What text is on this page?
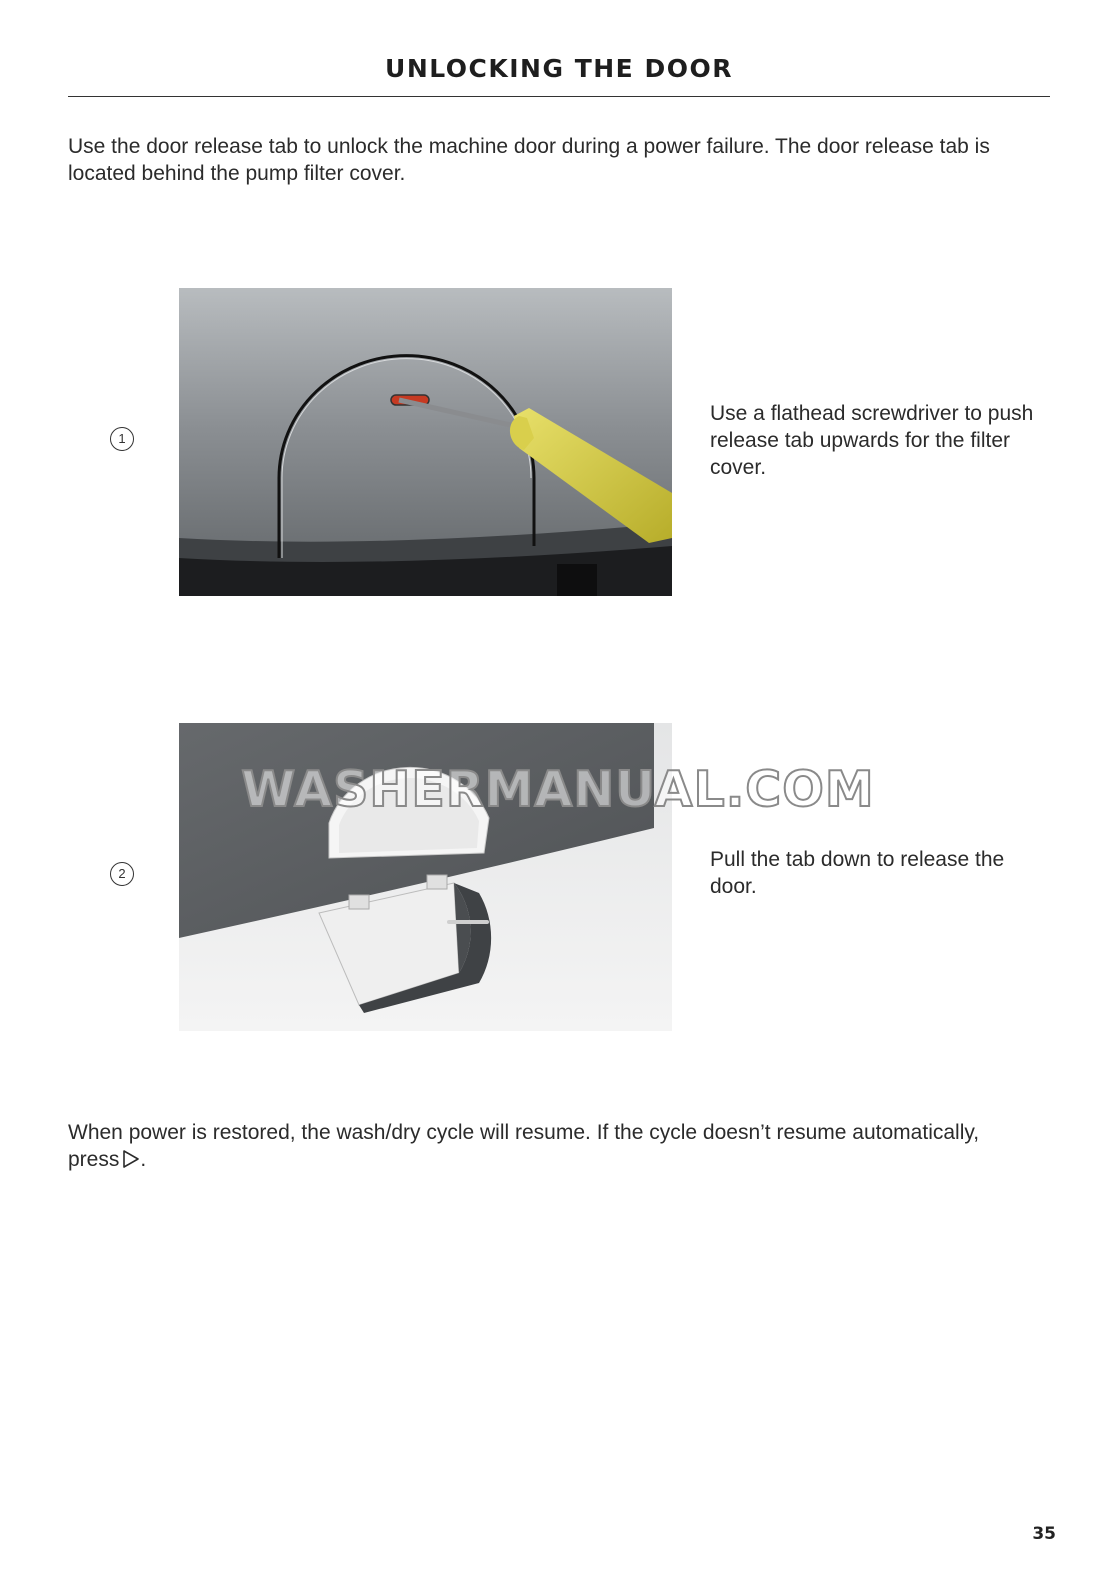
UNLOCKING THE DOOR

Use the door release tab to unlock the machine door during a power failure. The door release tab is located behind the pump filter cover.

1
Use a flathead screwdriver to push release tab upwards for the filter cover.
2
Pull the tab down to release the door.
WASHERMANUAL.COM

When power is restored, the wash/dry cycle will resume. If the cycle doesn’t resume automatically, press .

35
